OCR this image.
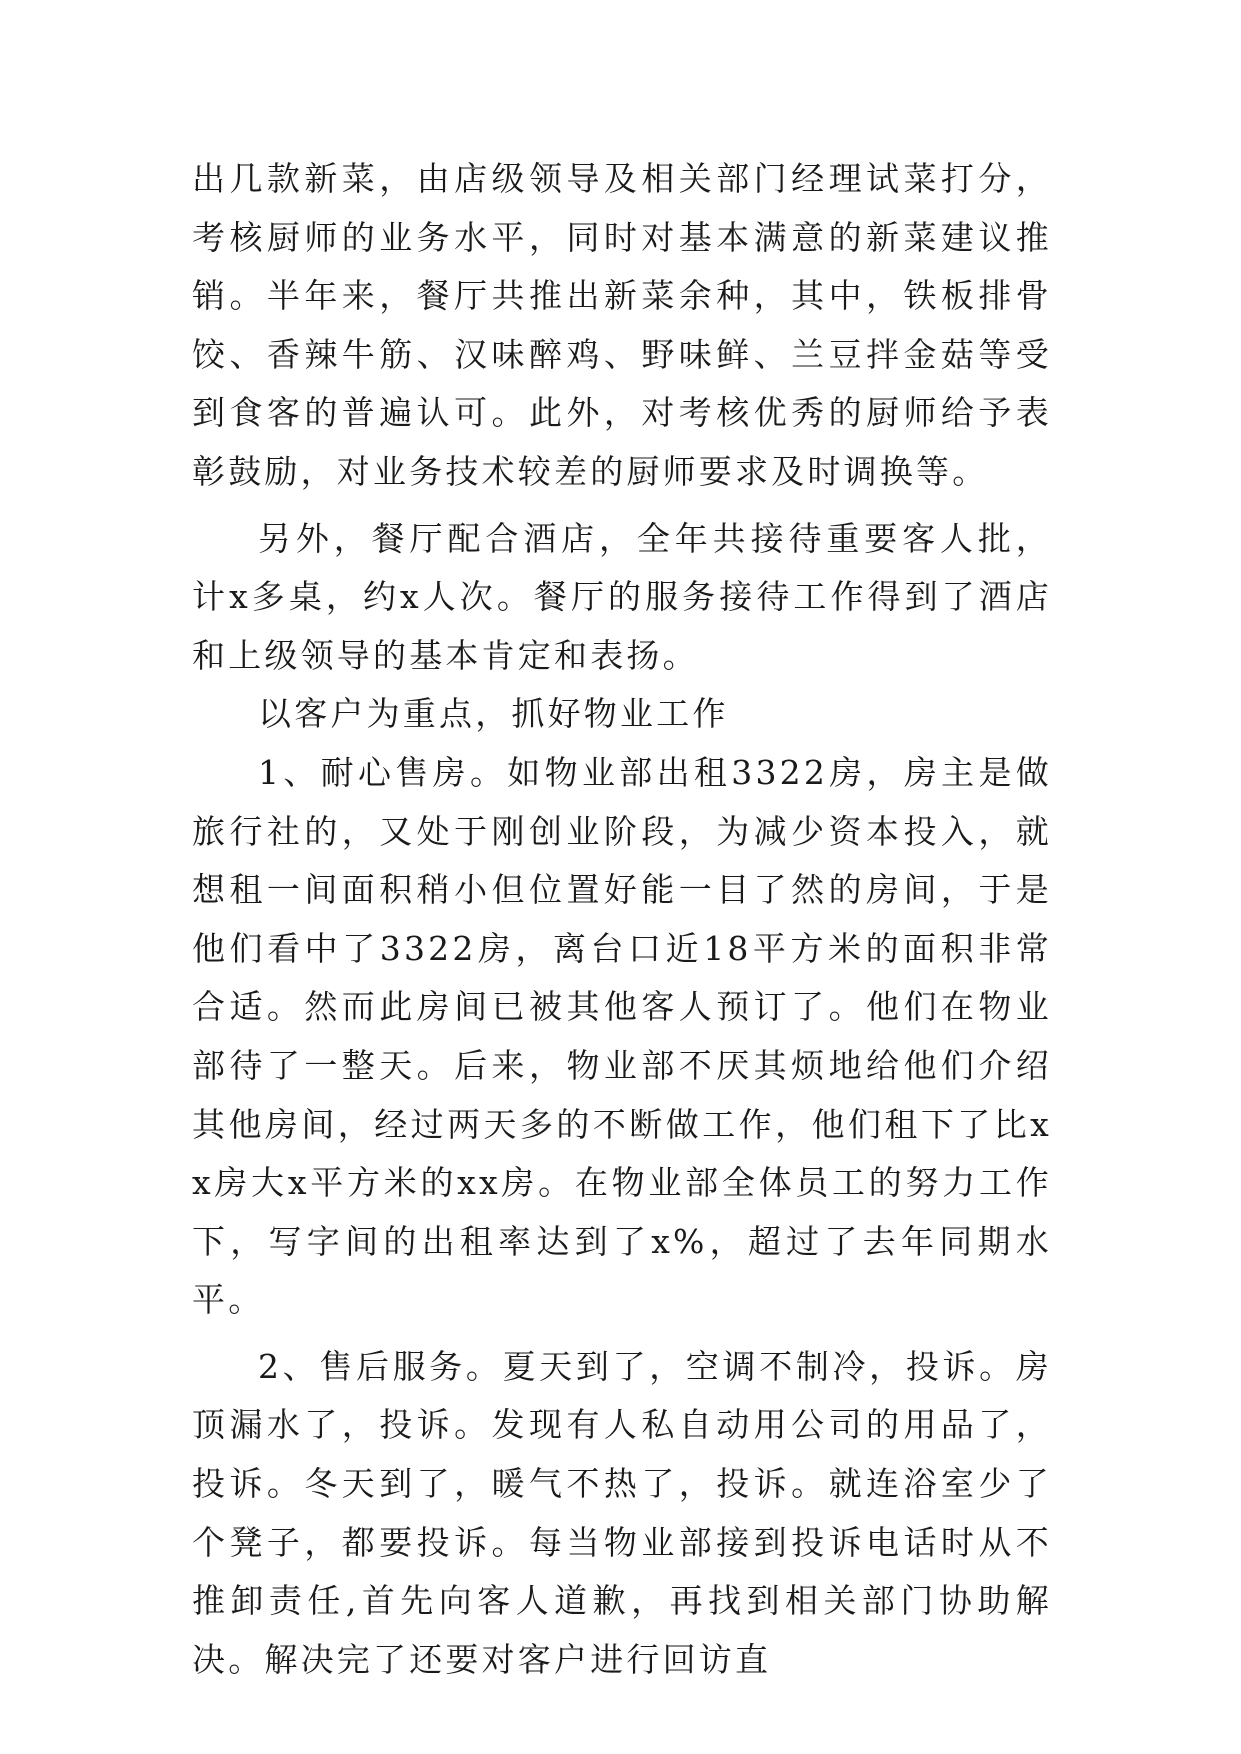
出几款新菜，由店级领导及相关部门经理试菜打分，考核厨师的业务水平，同时对基本满意的新菜建议推销。半年来，餐厅共推出新菜余种，其中，铁板排骨饺、香辣牛筋、汉味醉鸡、野味鲜、兰豆拌金菇等受到食客的普遍认可。此外，对考核优秀的厨师给予表彰鼓励，对业务技术较差的厨师要求及时调换等。

另外，餐厅配合酒店，全年共接待重要客人批，计x多桌，约x人次。餐厅的服务接待工作得到了酒店和上级领导的基本肯定和表扬。

以客户为重点，抓好物业工作

1、耐心售房。如物业部出租3322房，房主是做旅行社的，又处于刚创业阶段，为减少资本投入，就想租一间面积稍小但位置好能一目了然的房间，于是他们看中了3322房，离台口近18平方米的面积非常合适。然而此房间已被其他客人预订了。他们在物业部待了一整天。后来，物业部不厌其烦地给他们介绍其他房间，经过两天多的不断做工作，他们租下了比xx房大x平方米的xx房。在物业部全体员工的努力工作下，写字间的出租率达到了x%，超过了去年同期水平。

2、售后服务。夏天到了，空调不制冷，投诉。房顶漏水了，投诉。发现有人私自动用公司的用品了，投诉。冬天到了，暖气不热了，投诉。就连浴室少了个凳子，都要投诉。每当物业部接到投诉电话时从不推卸责任,首先向客人道歉，再找到相关部门协助解决。解决完了还要对客户进行回访直
